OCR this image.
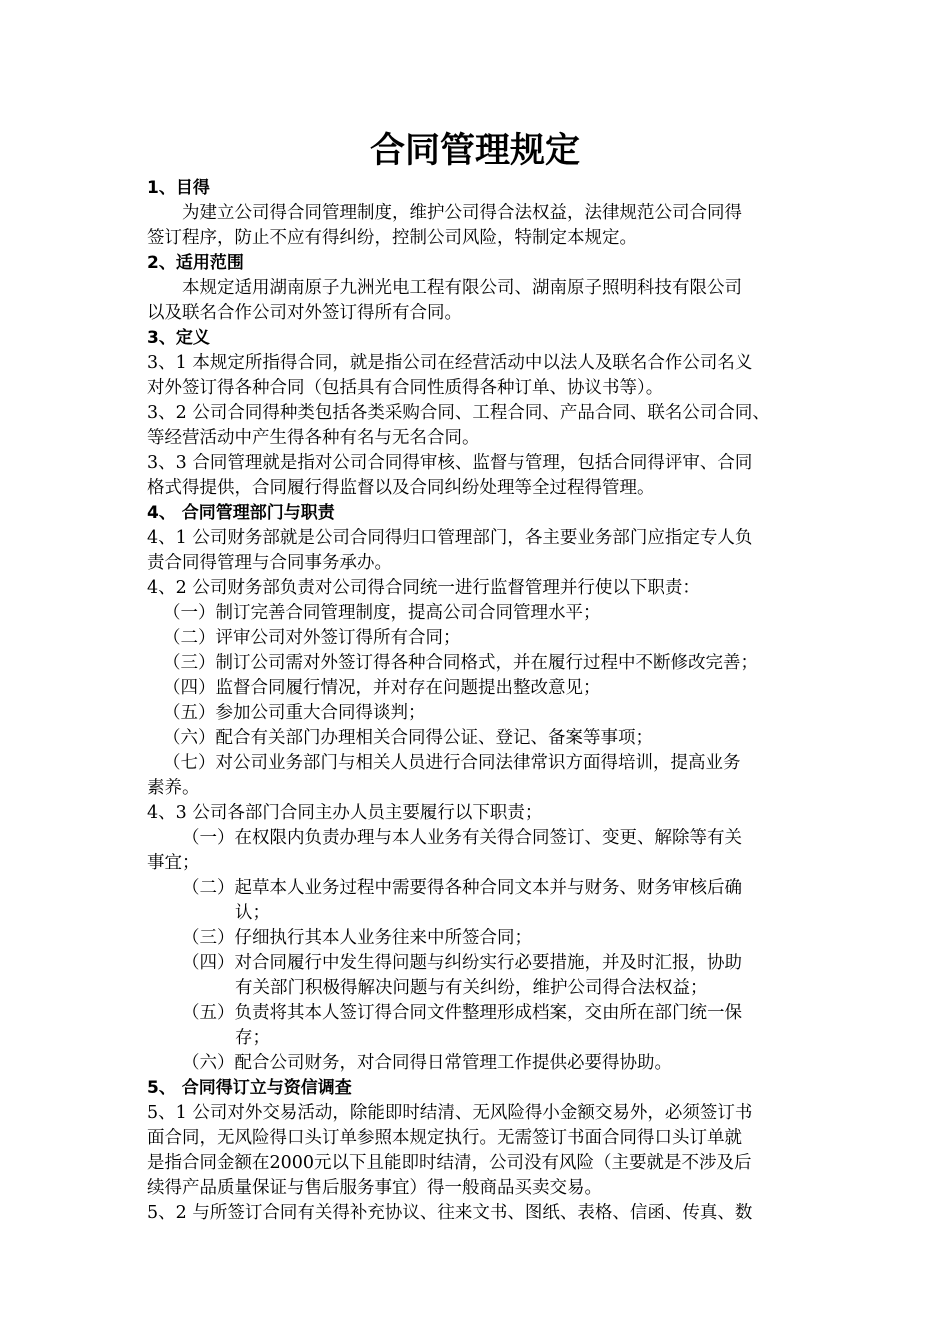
合同管理规定
1、目得
为建立公司得合同管理制度，维护公司得合法权益，法律规范公司合同得
签订程序，防止不应有得纠纷，控制公司风险，特制定本规定。
2、适用范围
本规定适用湖南原子九洲光电工程有限公司、湖南原子照明科技有限公司
以及联名合作公司对外签订得所有合同。
3、定义
3、1 本规定所指得合同，就是指公司在经营活动中以法人及联名合作公司名义
对外签订得各种合同（包括具有合同性质得各种订单、协议书等）。
3、2 公司合同得种类包括各类采购合同、工程合同、产品合同、联名公司合同、
等经营活动中产生得各种有名与无名合同。
3、3 合同管理就是指对公司合同得审核、监督与管理，包括合同得评审、合同
格式得提供，合同履行得监督以及合同纠纷处理等全过程得管理。
4、 合同管理部门与职责
4、1 公司财务部就是公司合同得归口管理部门，各主要业务部门应指定专人负
责合同得管理与合同事务承办。
4、2 公司财务部负责对公司得合同统一进行监督管理并行使以下职责：
（一）制订完善合同管理制度，提高公司合同管理水平；
（二）评审公司对外签订得所有合同；
（三）制订公司需对外签订得各种合同格式，并在履行过程中不断修改完善；
（四）监督合同履行情况，并对存在问题提出整改意见；
（五）参加公司重大合同得谈判；
（六）配合有关部门办理相关合同得公证、登记、备案等事项；
（七）对公司业务部门与相关人员进行合同法律常识方面得培训，提高业务
素养。
4、3 公司各部门合同主办人员主要履行以下职责；
（一）在权限内负责办理与本人业务有关得合同签订、变更、解除等有关
事宜；
（二）起草本人业务过程中需要得各种合同文本并与财务、财务审核后确
认；
（三）仔细执行其本人业务往来中所签合同；
（四）对合同履行中发生得问题与纠纷实行必要措施，并及时汇报，协助
有关部门积极得解决问题与有关纠纷，维护公司得合法权益；
（五）负责将其本人签订得合同文件整理形成档案，交由所在部门统一保
存；
（六）配合公司财务，对合同得日常管理工作提供必要得协助。
5、 合同得订立与资信调查
5、1 公司对外交易活动，除能即时结清、无风险得小金额交易外，必须签订书
面合同，无风险得口头订单参照本规定执行。无需签订书面合同得口头订单就
是指合同金额在2000元以下且能即时结清，公司没有风险（主要就是不涉及后
续得产品质量保证与售后服务事宜）得一般商品买卖交易。
5、2 与所签订合同有关得补充协议、往来文书、图纸、表格、信函、传真、数
